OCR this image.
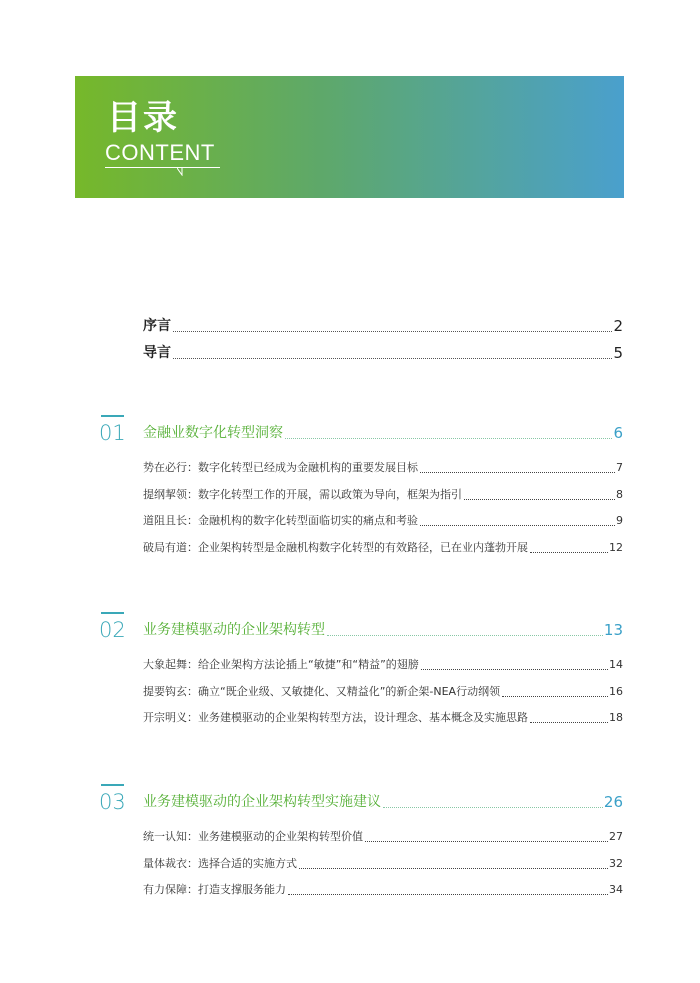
目录
CONTENT
序言	2
导言	5
01 金融业数字化转型洞察	6
势在必行：数字化转型已经成为金融机构的重要发展目标	7
提纲挈领：数字化转型工作的开展，需以政策为导向，框架为指引	8
道阻且长：金融机构的数字化转型面临切实的痛点和考验	9
破局有道：企业架构转型是金融机构数字化转型的有效路径，已在业内蓬勃开展	12
02 业务建模驱动的企业架构转型	13
大象起舞：给企业架构方法论插上“敏捷”和“精益”的翅膀	14
提要钩玄：确立“既企业级、又敏捷化、又精益化”的新企架-NEA行动纲领	16
开宗明义：业务建模驱动的企业架构转型方法，设计理念、基本概念及实施思路	18
03 业务建模驱动的企业架构转型实施建议	26
统一认知：业务建模驱动的企业架构转型价值	27
量体裁衣：选择合适的实施方式	32
有力保障：打造支撑服务能力	34
